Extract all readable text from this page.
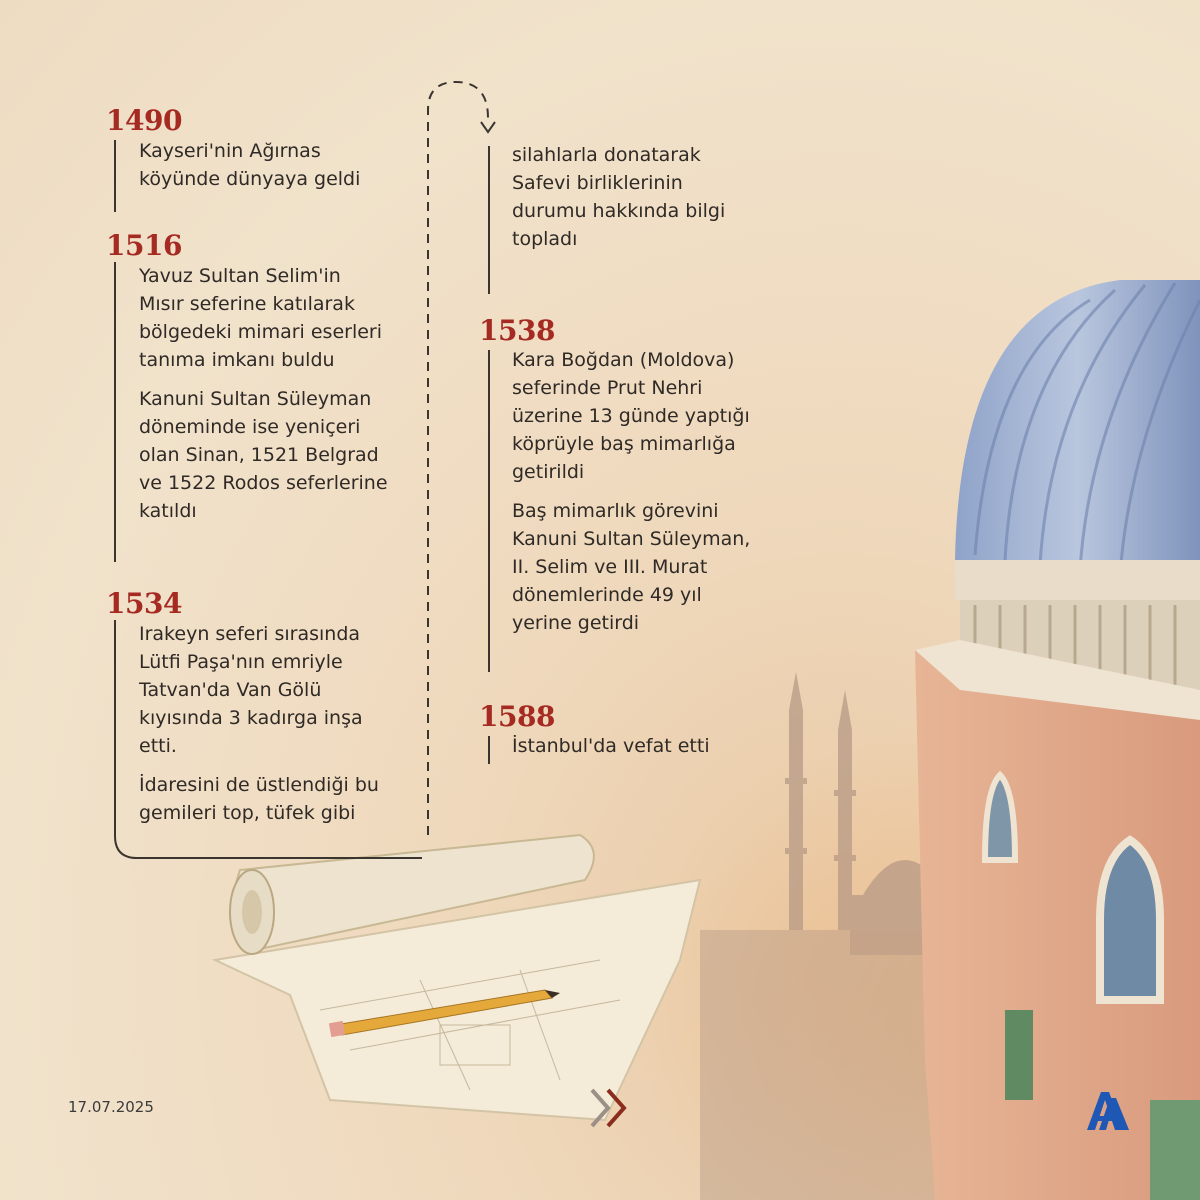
1490
Kayseri'nin Ağırnas
köyünde dünyaya geldi
1516
Yavuz Sultan Selim'in
Mısır seferine katılarak
bölgedeki mimari eserleri
tanıma imkanı buldu
Kanuni Sultan Süleyman
döneminde ise yeniçeri
olan Sinan, 1521 Belgrad
ve 1522 Rodos seferlerine
katıldı
1534
Irakeyn seferi sırasında
Lütfi Paşa'nın emriyle
Tatvan'da Van Gölü
kıyısında 3 kadırga inşa
etti.
İdaresini de üstlendiği bu
gemileri top, tüfek gibi
silahlarla donatarak
Safevi birliklerinin
durumu hakkında bilgi
topladı
1538
Kara Boğdan (Moldova)
seferinde Prut Nehri
üzerine 13 günde yaptığı
köprüyle baş mimarlığa
getirildi
Baş mimarlık görevini
Kanuni Sultan Süleyman,
II. Selim ve III. Murat
dönemlerinde 49 yıl
yerine getirdi
1588
İstanbul'da vefat etti
17.07.2025
